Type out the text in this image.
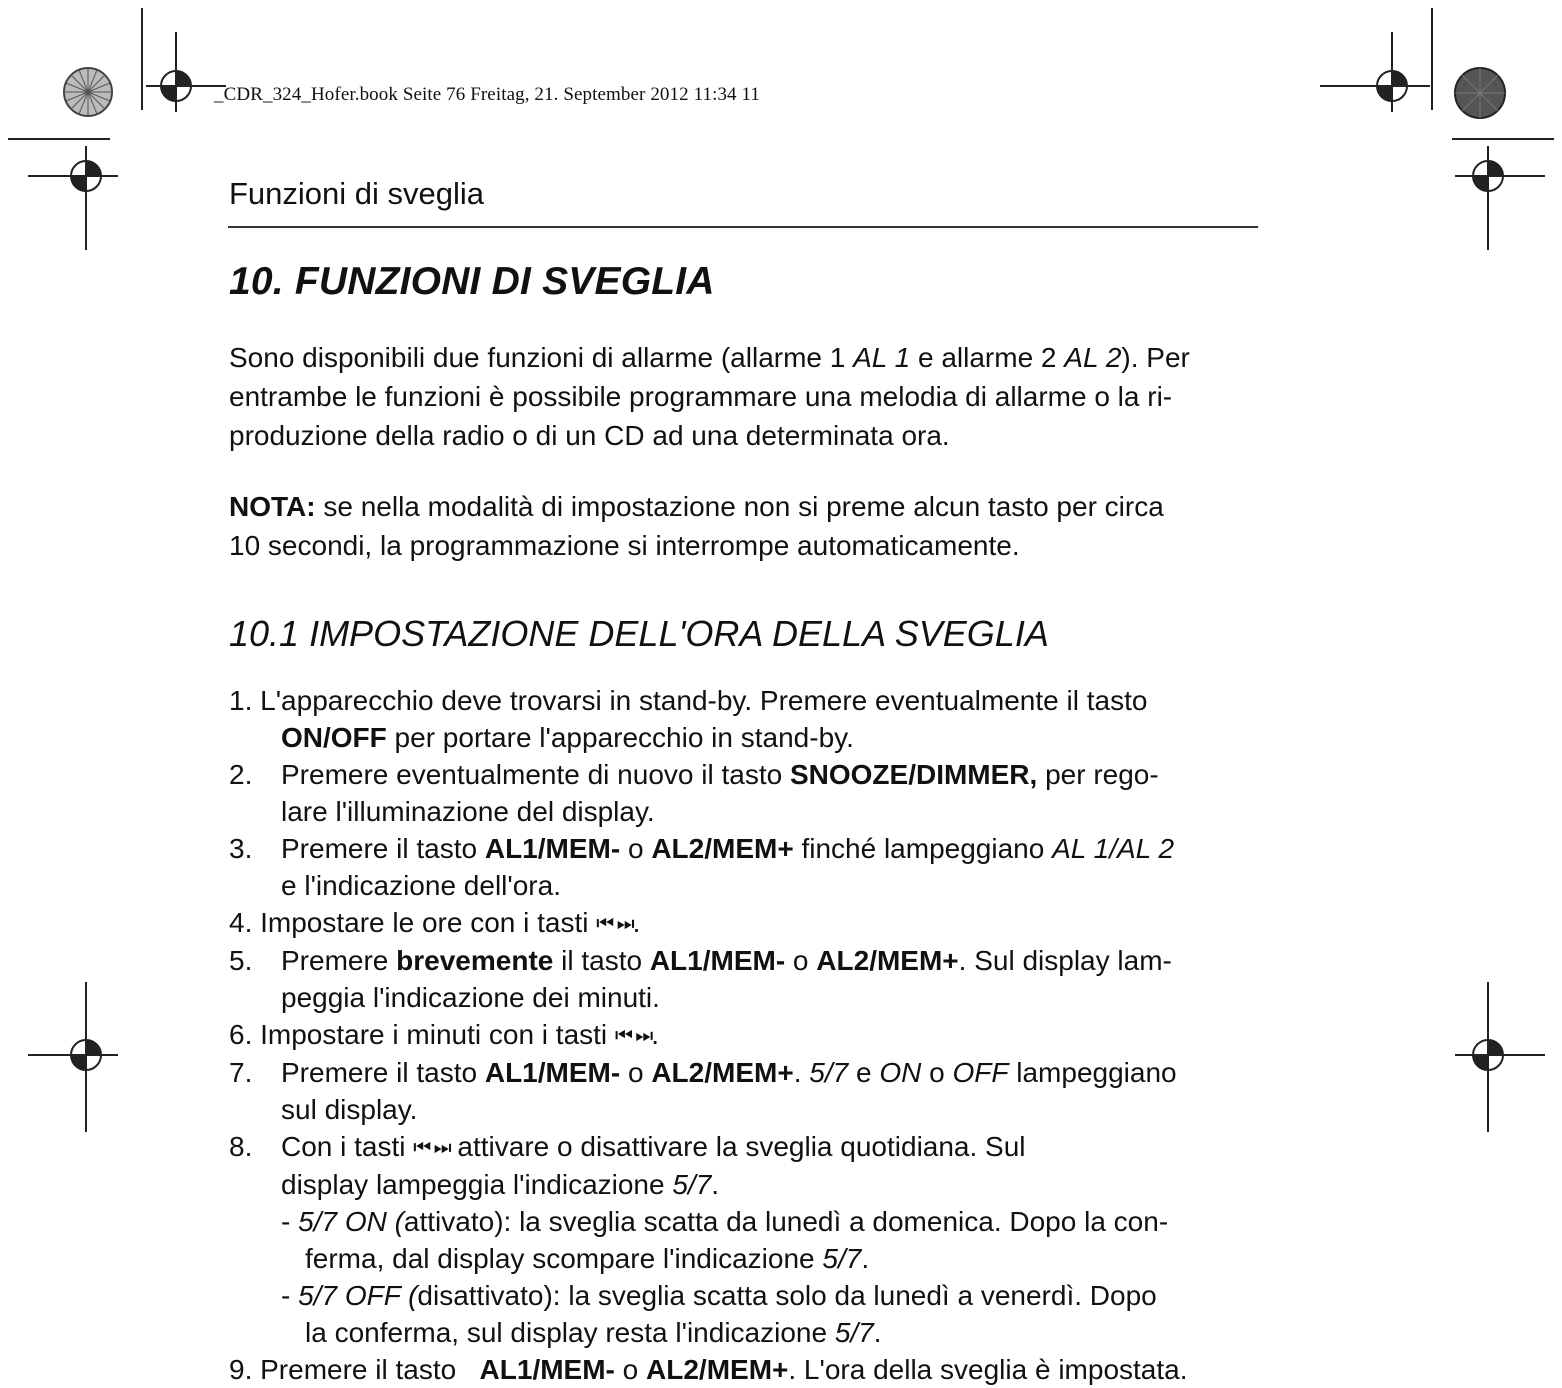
_CDR_324_Hofer.book Seite 76 Freitag, 21. September 2012 11:34 11
Funzioni di sveglia
10. FUNZIONI DI SVEGLIA
Sono disponibili due funzioni di allarme (allarme 1 AL 1 e allarme 2 AL 2). Per
entrambe le funzioni è possibile programmare una melodia di allarme o la ri-
produzione della radio o di un CD ad una determinata ora.
NOTA: se nella modalità di impostazione non si preme alcun tasto per circa
10 secondi, la programmazione si interrompe automaticamente.
10.1 IMPOSTAZIONE DELL'ORA DELLA SVEGLIA
1. L'apparecchio deve trovarsi in stand-by. Premere eventualmente il tasto
ON/OFF per portare l'apparecchio in stand-by.
2. Premere eventualmente di nuovo il tasto SNOOZE/DIMMER, per rego-
lare l'illuminazione del display.
3. Premere il tasto AL1/MEM- o AL2/MEM+ finché lampeggiano AL 1/AL 2
e l'indicazione dell'ora.
4. Impostare le ore con i tasti ⏮ ⏭.
5. Premere brevemente il tasto AL1/MEM- o AL2/MEM+. Sul display lam-
peggia l'indicazione dei minuti.
6. Impostare i minuti con i tasti ⏮ ⏭.
7. Premere il tasto AL1/MEM- o AL2/MEM+. 5/7 e ON o OFF lampeggiano
sul display.
8. Con i tasti ⏮ ⏭ attivare o disattivare la sveglia quotidiana. Sul
display lampeggia l'indicazione 5/7.
- 5/7 ON (attivato): la sveglia scatta da lunedì a domenica. Dopo la con-
ferma, dal display scompare l'indicazione 5/7.
- 5/7 OFF (disattivato): la sveglia scatta solo da lunedì a venerdì. Dopo
la conferma, sul display resta l'indicazione 5/7.
9. Premere il tasto   AL1/MEM- o AL2/MEM+. L'ora della sveglia è impostata.
